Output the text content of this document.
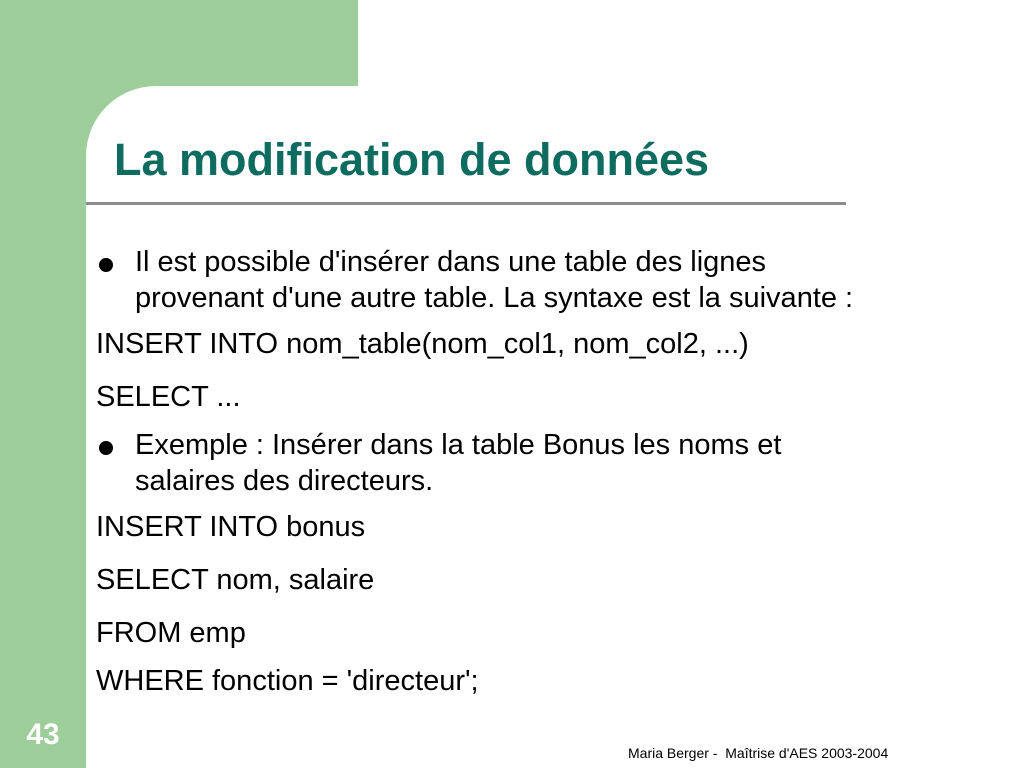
La modification de données
Il est possible d'insérer dans une table des lignes
provenant d'une autre table. La syntaxe est la suivante :
INSERT INTO nom_table(nom_col1, nom_col2, ...)
SELECT ...
Exemple : Insérer dans la table Bonus les noms et
salaires des directeurs.
INSERT INTO bonus
SELECT nom, salaire
FROM emp
WHERE fonction = 'directeur';
43
Maria Berger -  Maîtrise d'AES 2003-2004
